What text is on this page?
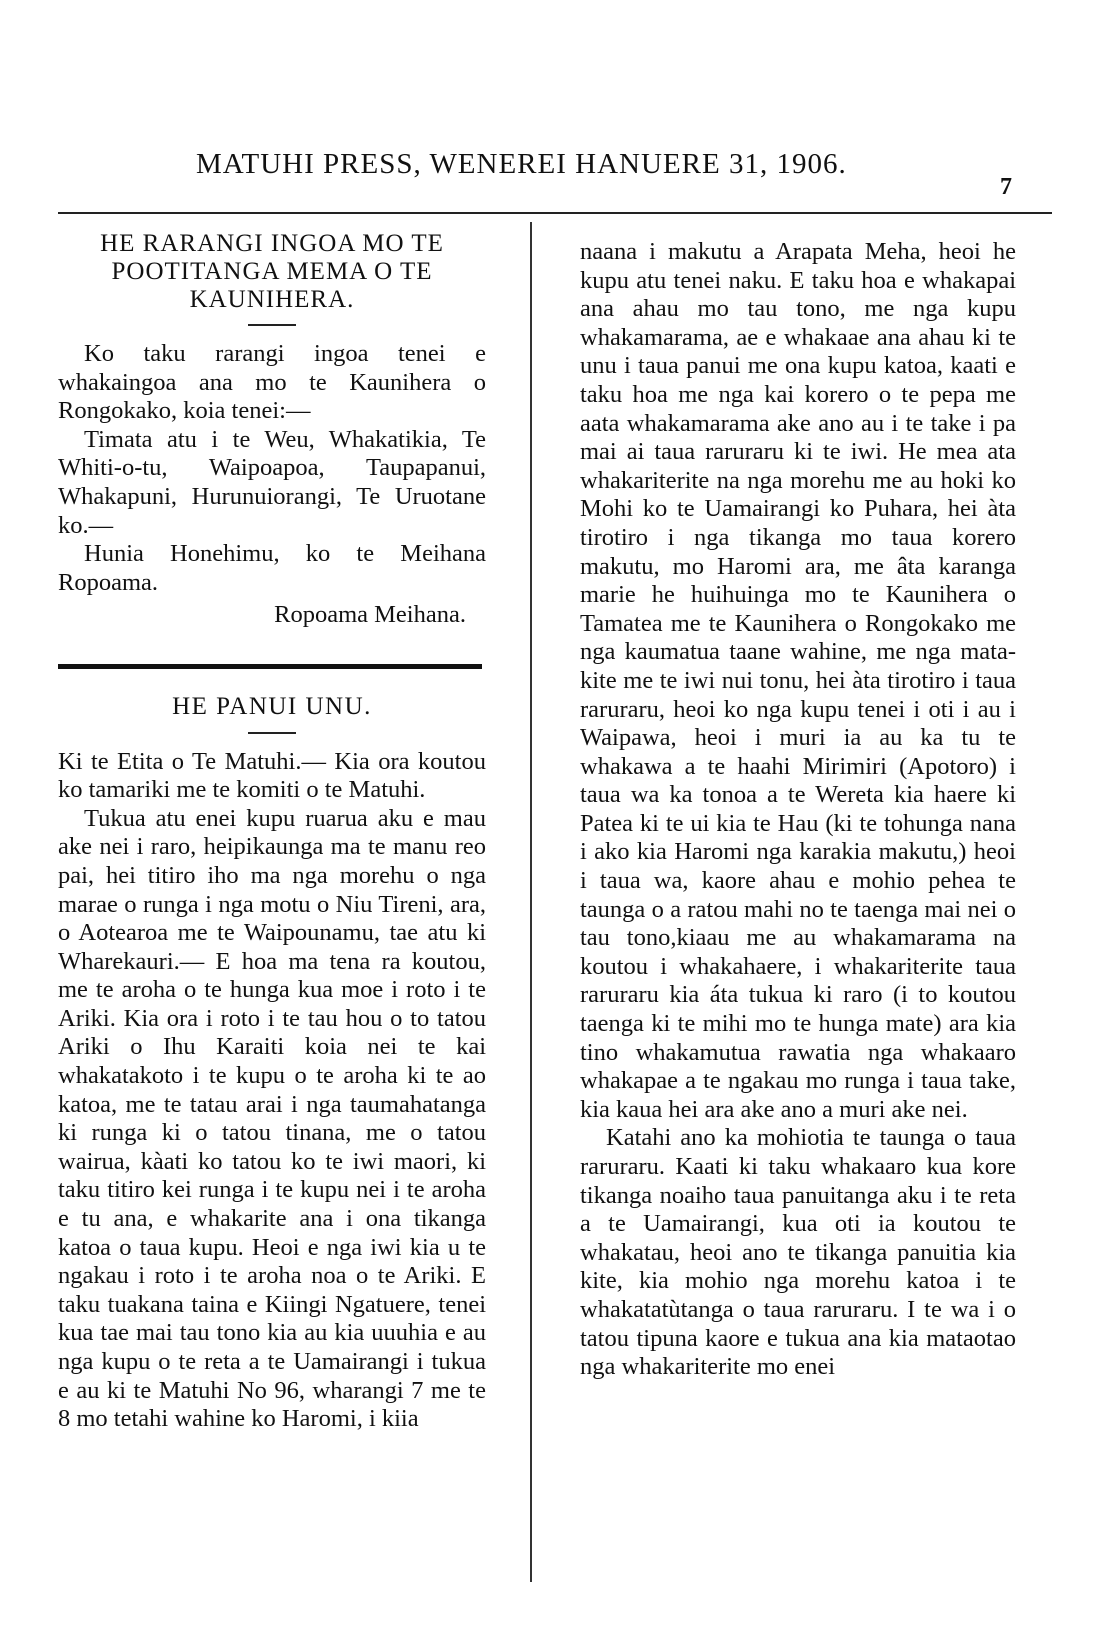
MATUHI PRESS, WENEREI HANUERE 31, 1906.
7
HE RARANGI INGOA MO TE POOTITANGA MEMA O TE KAUNIHERA.

Ko taku rarangi ingoa tenei e whakaingoa ana mo te Kaunihera o Rongokako, koia tenei:—

Timata atu i te Weu, Whakatikia, Te Whiti-o-tu, Waipoapoa, Taupapanui, Whakapuni, Hurunuiorangi, Te Uruotane ko.—

Hunia Honehimu, ko te Meihana Ropoama.

Ropoama Meihana.
HE PANUI UNU.

Ki te Etita o Te Matuhi.— Kia ora koutou ko tamariki me te komiti o te Matuhi.

Tukua atu enei kupu ruarua aku e mau ake nei i raro, heipikaunga ma te manu reo pai, hei titiro iho ma nga morehu o nga marae o runga i nga motu o Niu Tireni, ara, o Aotearoa me te Waipounamu, tae atu ki Wharekauri.— E hoa ma tena ra koutou, me te aroha o te hunga kua moe i roto i te Ariki. Kia ora i roto i te tau hou o to tatou Ariki o Ihu Karaiti koia nei te kai whakatakoto i te kupu o te aroha ki te ao katoa, me te tatau arai i nga taumahatanga ki runga ki o tatou tinana, me o tatou wairua, kàati ko tatou ko te iwi maori, ki taku titiro kei runga i te kupu nei i te aroha e tu ana, e whakarite ana i ona tikanga katoa o taua kupu. Heoi e nga iwi kia u te ngakau i roto i te aroha noa o te Ariki. E taku tuakana taina e Kiingi Ngatuere, tenei kua tae mai tau tono kia au kia uuuhia e au nga kupu o te reta a te Uamairangi i tukua e au ki te Matuhi No 96, wharangi 7 me te 8 mo tetahi wahine ko Haromi, i kiia

naana i makutu a Arapata Meha, heoi he kupu atu tenei naku. E taku hoa e whakapai ana ahau mo tau tono, me nga kupu whakamarama, ae e whakaae ana ahau ki te unu i taua panui me ona kupu katoa, kaati e taku hoa me nga kai korero o te pepa me aata whakamarama ake ano au i te take i pa mai ai taua raruraru ki te iwi. He mea ata whakariterite na nga morehu me au hoki ko Mohi ko te Uamairangi ko Puhara, hei àta tirotiro i nga tikanga mo taua korero makutu, mo Haromi ara, me âta karanga marie he huihuinga mo te Kaunihera o Tamatea me te Kaunihera o Rongokako me nga kaumatua taane wahine, me nga mata-kite me te iwi nui tonu, hei àta tirotiro i taua raruraru, heoi ko nga kupu tenei i oti i au i Waipawa, heoi i muri ia au ka tu te whakawa a te haahi Mirimiri (Apotoro) i taua wa ka tonoa a te Wereta kia haere ki Patea ki te ui kia te Hau (ki te tohunga nana i ako kia Haromi nga karakia makutu,) heoi i taua wa, kaore ahau e mohio pehea te taunga o a ratou mahi no te taenga mai nei o tau tono,kiaau me au whakamarama na koutou i whakahaere, i whakariterite taua raruraru kia áta tukua ki raro (i to koutou taenga ki te mihi mo te hunga mate) ara kia tino whakamutua rawatia nga whakaaro whakapae a te ngakau mo runga i taua take, kia kaua hei ara ake ano a muri ake nei.

Katahi ano ka mohiotia te taunga o taua raruraru. Kaati ki taku whakaaro kua kore tikanga noaiho taua panuitanga aku i te reta a te Uamairangi, kua oti ia koutou te whakatau, heoi ano te tikanga panuitia kia kite, kia mohio nga morehu katoa i te whakatatùtanga o taua raruraru. I te wa i o tatou tipuna kaore e tukua ana kia mataotao nga whakariterite mo enei
